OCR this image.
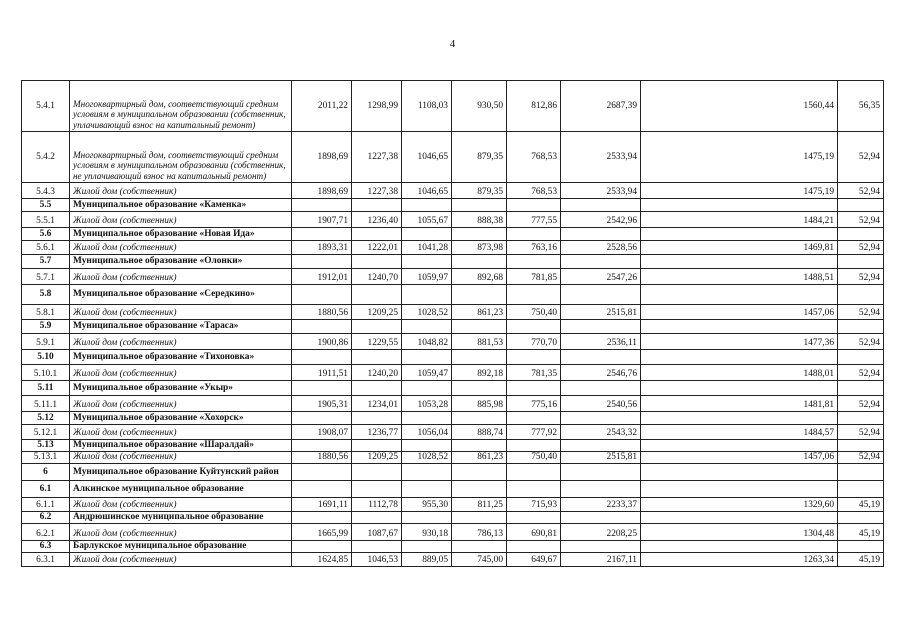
4
5.4.1	Многоквартирный дом, соответствующий средним условиям в муниципальном образовании (собственник, уплачивающий взнос на капитальный ремонт)	2011,22	1298,99	1108,03	930,50	812,86	2687,39	1560,44	56,35
5.4.2	Многоквартирный дом, соответствующий средним условиям в муниципальном образовании (собственник, не уплачивающий взнос на капитальный ремонт)	1898,69	1227,38	1046,65	879,35	768,53	2533,94	1475,19	52,94
5.4.3	Жилой дом (собственник)	1898,69	1227,38	1046,65	879,35	768,53	2533,94	1475,19	52,94
5.5	Муниципальное образование «Каменка»								
5.5.1	Жилой дом (собственник)	1907,71	1236,40	1055,67	888,38	777,55	2542,96	1484,21	52,94
5.6	Муниципальное образование «Новая Ида»								
5.6.1	Жилой дом (собственник)	1893,31	1222,01	1041,28	873,98	763,16	2528,56	1469,81	52,94
5.7	Муниципальное образование «Олонки»								
5.7.1	Жилой дом (собственник)	1912,01	1240,70	1059,97	892,68	781,85	2547,26	1488,51	52,94
5.8	Муниципальное образование «Середкино»								
5.8.1	Жилой дом (собственник)	1880,56	1209,25	1028,52	861,23	750,40	2515,81	1457,06	52,94
5.9	Муниципальное образование «Тараса»								
5.9.1	Жилой дом (собственник)	1900,86	1229,55	1048,82	881,53	770,70	2536,11	1477,36	52,94
5.10	Муниципальное образование «Тихоновка»								
5.10.1	Жилой дом (собственник)	1911,51	1240,20	1059,47	892,18	781,35	2546,76	1488,01	52,94
5.11	Муниципальное образование «Укыр»								
5.11.1	Жилой дом (собственник)	1905,31	1234,01	1053,28	885,98	775,16	2540,56	1481,81	52,94
5.12	Муниципальное образование «Хохорск»								
5.12.1	Жилой дом (собственник)	1908,07	1236,77	1056,04	888,74	777,92	2543,32	1484,57	52,94
5.13	Муниципальное образование «Шаралдай»								
5.13.1	Жилой дом (собственник)	1880,56	1209,25	1028,52	861,23	750,40	2515,81	1457,06	52,94
6	Муниципальное образование Куйтунский район								
6.1	Алкинское муниципальное образование								
6.1.1	Жилой дом (собственник)	1691,11	1112,78	955,30	811,25	715,93	2233,37	1329,60	45,19
6.2	Андрюшинское муниципальное образование								
6.2.1	Жилой дом (собственник)	1665,99	1087,67	930,18	786,13	690,81	2208,25	1304,48	45,19
6.3	Барлукское муниципальное образование								
6.3.1	Жилой дом (собственник)	1624,85	1046,53	889,05	745,00	649,67	2167,11	1263,34	45,19
